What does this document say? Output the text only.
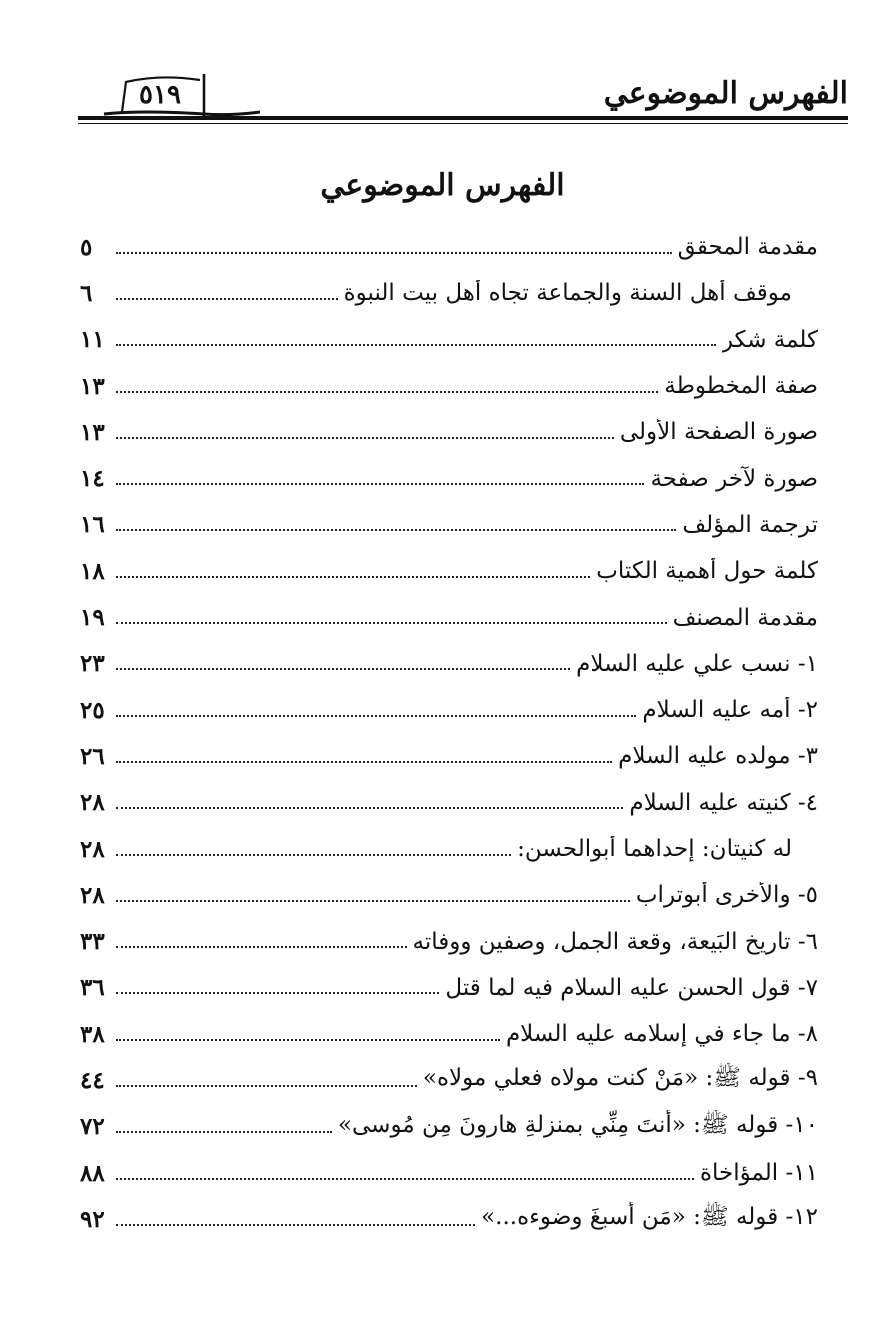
الفهرس الموضوعي
٥١٩
الفهرس الموضوعي
مقدمة المحقق
٥
موقف أهل السنة والجماعة تجاه أهل بيت النبوة
٦
كلمة شكر
١١
صفة المخطوطة
١٣
صورة الصفحة الأولى
١٣
صورة لآخر صفحة
١٤
ترجمة المؤلف
١٦
كلمة حول أهمية الكتاب
١٨
مقدمة المصنف
١٩
١- نسب علي عليه السلام
٢٣
٢- أمه عليه السلام
٢٥
٣- مولده عليه السلام
٢٦
٤- كنيته عليه السلام
٢٨
له كنيتان: إحداهما أبوالحسن:
٢٨
٥- والأخرى أبوتراب
٢٨
٦- تاريخ البَيعة، وقعة الجمل، وصفين ووفاته
٣٣
٧- قول الحسن عليه السلام فيه لما قتل
٣٦
٨- ما جاء في إسلامه عليه السلام
٣٨
٩- قوله ﷺ: «مَنْ كنت مولاه فعلي مولاه»
٤٤
١٠- قوله ﷺ: «أنتَ مِنِّي بمنزلةِ هارونَ مِن مُوسى»
٧٢
١١- المؤاخاة
٨٨
١٢- قوله ﷺ: «مَن أسبغَ وضوءه...»
٩٢
